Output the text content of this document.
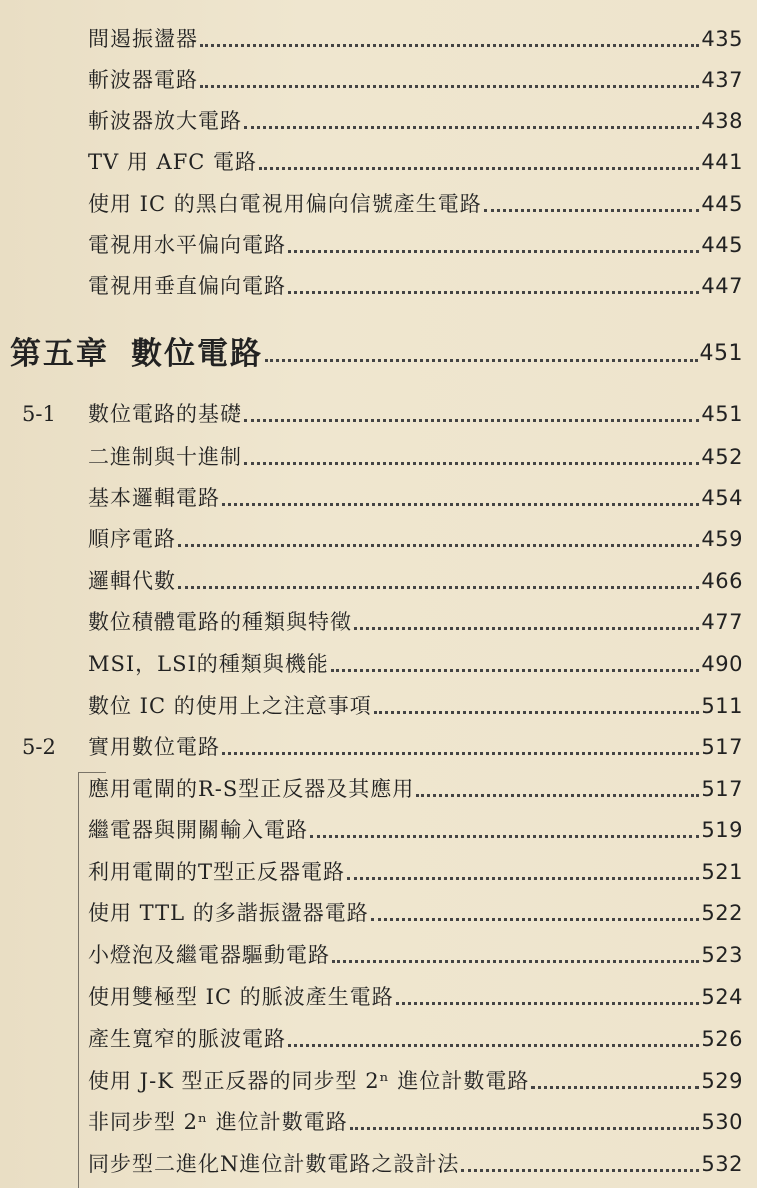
間遏振盪器	435
斬波器電路	437
斬波器放大電路	438
TV 用 AFC 電路	441
使用 IC 的黑白電視用偏向信號產生電路	445
電視用水平偏向電路	445
電視用垂直偏向電路	447
第五章 數位電路	451
5-1	數位電路的基礎	451
二進制與十進制	452
基本邏輯電路	454
順序電路	459
邏輯代數	466
數位積體電路的種類與特徵	477
MSI，LSI的種類與機能	490
數位 IC 的使用上之注意事項	511
5-2	實用數位電路	517
應用電閘的R-S型正反器及其應用	517
繼電器與開關輸入電路	519
利用電閘的T型正反器電路	521
使用 TTL 的多諧振盪器電路	522
小燈泡及繼電器驅動電路	523
使用雙極型 IC 的脈波產生電路	524
產生寬窄的脈波電路	526
使用 J-K 型正反器的同步型 2ⁿ 進位計數電路	529
非同步型 2ⁿ 進位計數電路	530
同步型二進化N進位計數電路之設計法	532
